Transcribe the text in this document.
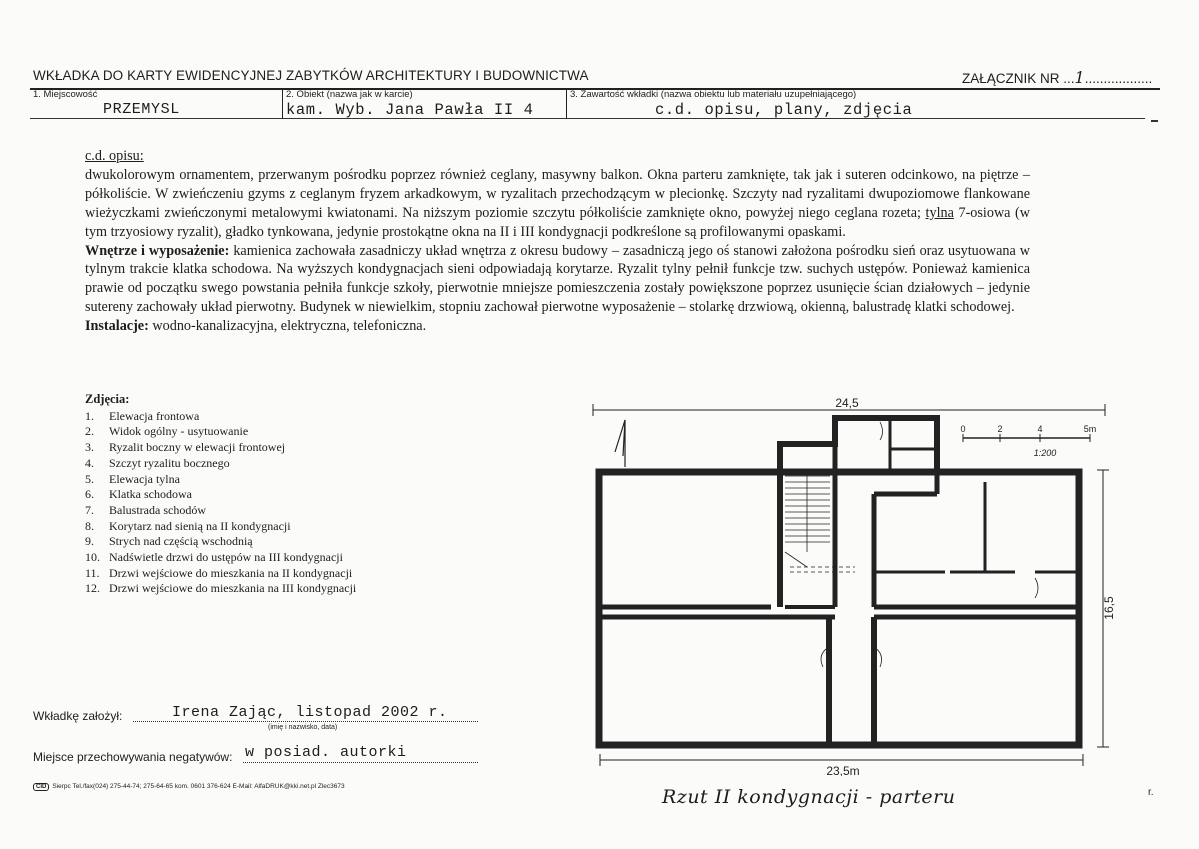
WKŁADKA DO KARTY EWIDENCYJNEJ ZABYTKÓW ARCHITEKTURY I BUDOWNICTWA	ZAŁĄCZNIK NR ...1..................
1. Miejscowość
PRZEMYSL
2. Obiekt (nazwa jak w karcie)
kam. Wyb. Jana Pawła II 4
3. Zawartość wkładki (nazwa obiektu lub materiału uzupełniającego)
c.d. opisu, plany, zdjęcia

c.d. opisu:

dwukolorowym ornamentem, przerwanym pośrodku poprzez również ceglany, masywny balkon. Okna parteru zamknięte, tak jak i suteren odcinkowo, na piętrze – półkoliście. W zwieńczeniu gzyms z ceglanym fryzem arkadkowym, w ryzalitach przechodzącym w plecionkę. Szczyty nad ryzalitami dwupoziomowe flankowane wieżyczkami zwieńczonymi metalowymi kwiatonami. Na niższym poziomie szczytu półkoliście zamknięte okno, powyżej niego ceglana rozeta; tylna 7-osiowa (w tym trzyosiowy ryzalit), gładko tynkowana, jedynie prostokątne okna na II i III kondygnacji podkreślone są profilowanymi opaskami.

Wnętrze i wyposażenie: kamienica zachowała zasadniczy układ wnętrza z okresu budowy – zasadniczą jego oś stanowi założona pośrodku sień oraz usytuowana w tylnym trakcie klatka schodowa. Na wyższych kondygnacjach sieni odpowiadają korytarze. Ryzalit tylny pełnił funkcje tzw. suchych ustępów. Ponieważ kamienica prawie od początku swego powstania pełniła funkcje szkoły, pierwotnie mniejsze pomieszczenia zostały powiększone poprzez usunięcie ścian działowych – jedynie sutereny zachowały układ pierwotny. Budynek w niewielkim, stopniu zachował pierwotne wyposażenie – stolarkę drzwiową, okienną, balustradę klatki schodowej.

Instalacje: wodno-kanalizacyjna, elektryczna, telefoniczna.

Zdjęcia:
1.	Elewacja frontowa
2.	Widok ogólny - usytuowanie
3.	Ryzalit boczny w elewacji frontowej
4.	Szczyt ryzalitu bocznego
5.	Elewacja tylna
6.	Klatka schodowa
7.	Balustrada schodów
8.	Korytarz nad sienią na II kondygnacji
9.	Strych nad częścią wschodnią
10. Nadświetle drzwi do ustępów na III kondygnacji
11. Drzwi wejściowe do mieszkania na II kondygnacji
12. Drzwi wejściowe do mieszkania na III kondygnacji
24,5
23,5m
16,5
0	2	4	5m
1:200
Wkładkę założył:	Irena Zając, listopad 2002 r.
(imię i nazwisko, data)
Miejsce przechowywania negatywów: w posiad. autorki
CID Sierpc Tel./fax(024) 275-44-74; 275-64-65 kom. 0601 376-624 E-Mail: AlfaDRUK@kki.net.pl Zlec3673	Rzut II kondygnacji - parteru	r.
